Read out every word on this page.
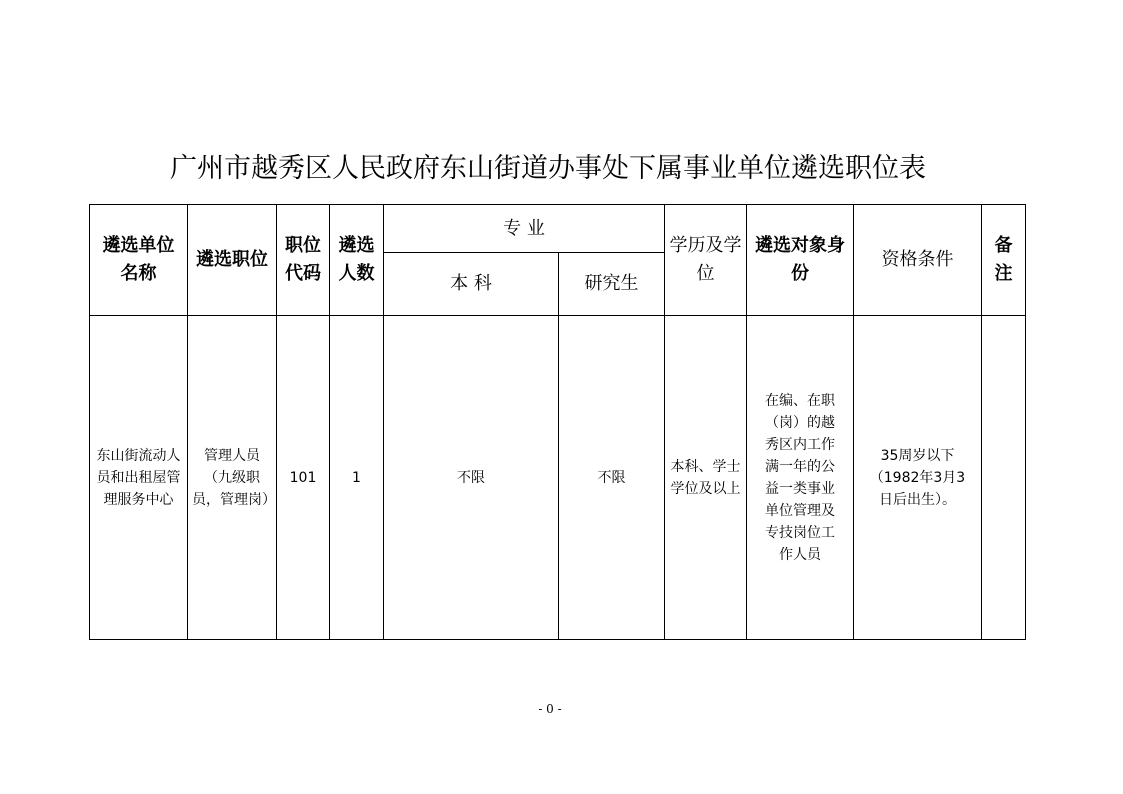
广州市越秀区人民政府东山街道办事处下属事业单位遴选职位表
遴选单位名称	遴选职位	职位代码	遴选人数	专 业		学历及学位	遴选对象身份	资格条件	备注
				本 科	研究生				
东山街流动人员和出租屋管理服务中心	管理人员（九级职员，管理岗）	101	1	不限	不限	本科、学士学位及以上	在编、在职（岗）的越秀区内工作满一年的公益一类事业单位管理及专技岗位工作人员	35周岁以下（1982年3月3日后出生）。	
- 0 -
